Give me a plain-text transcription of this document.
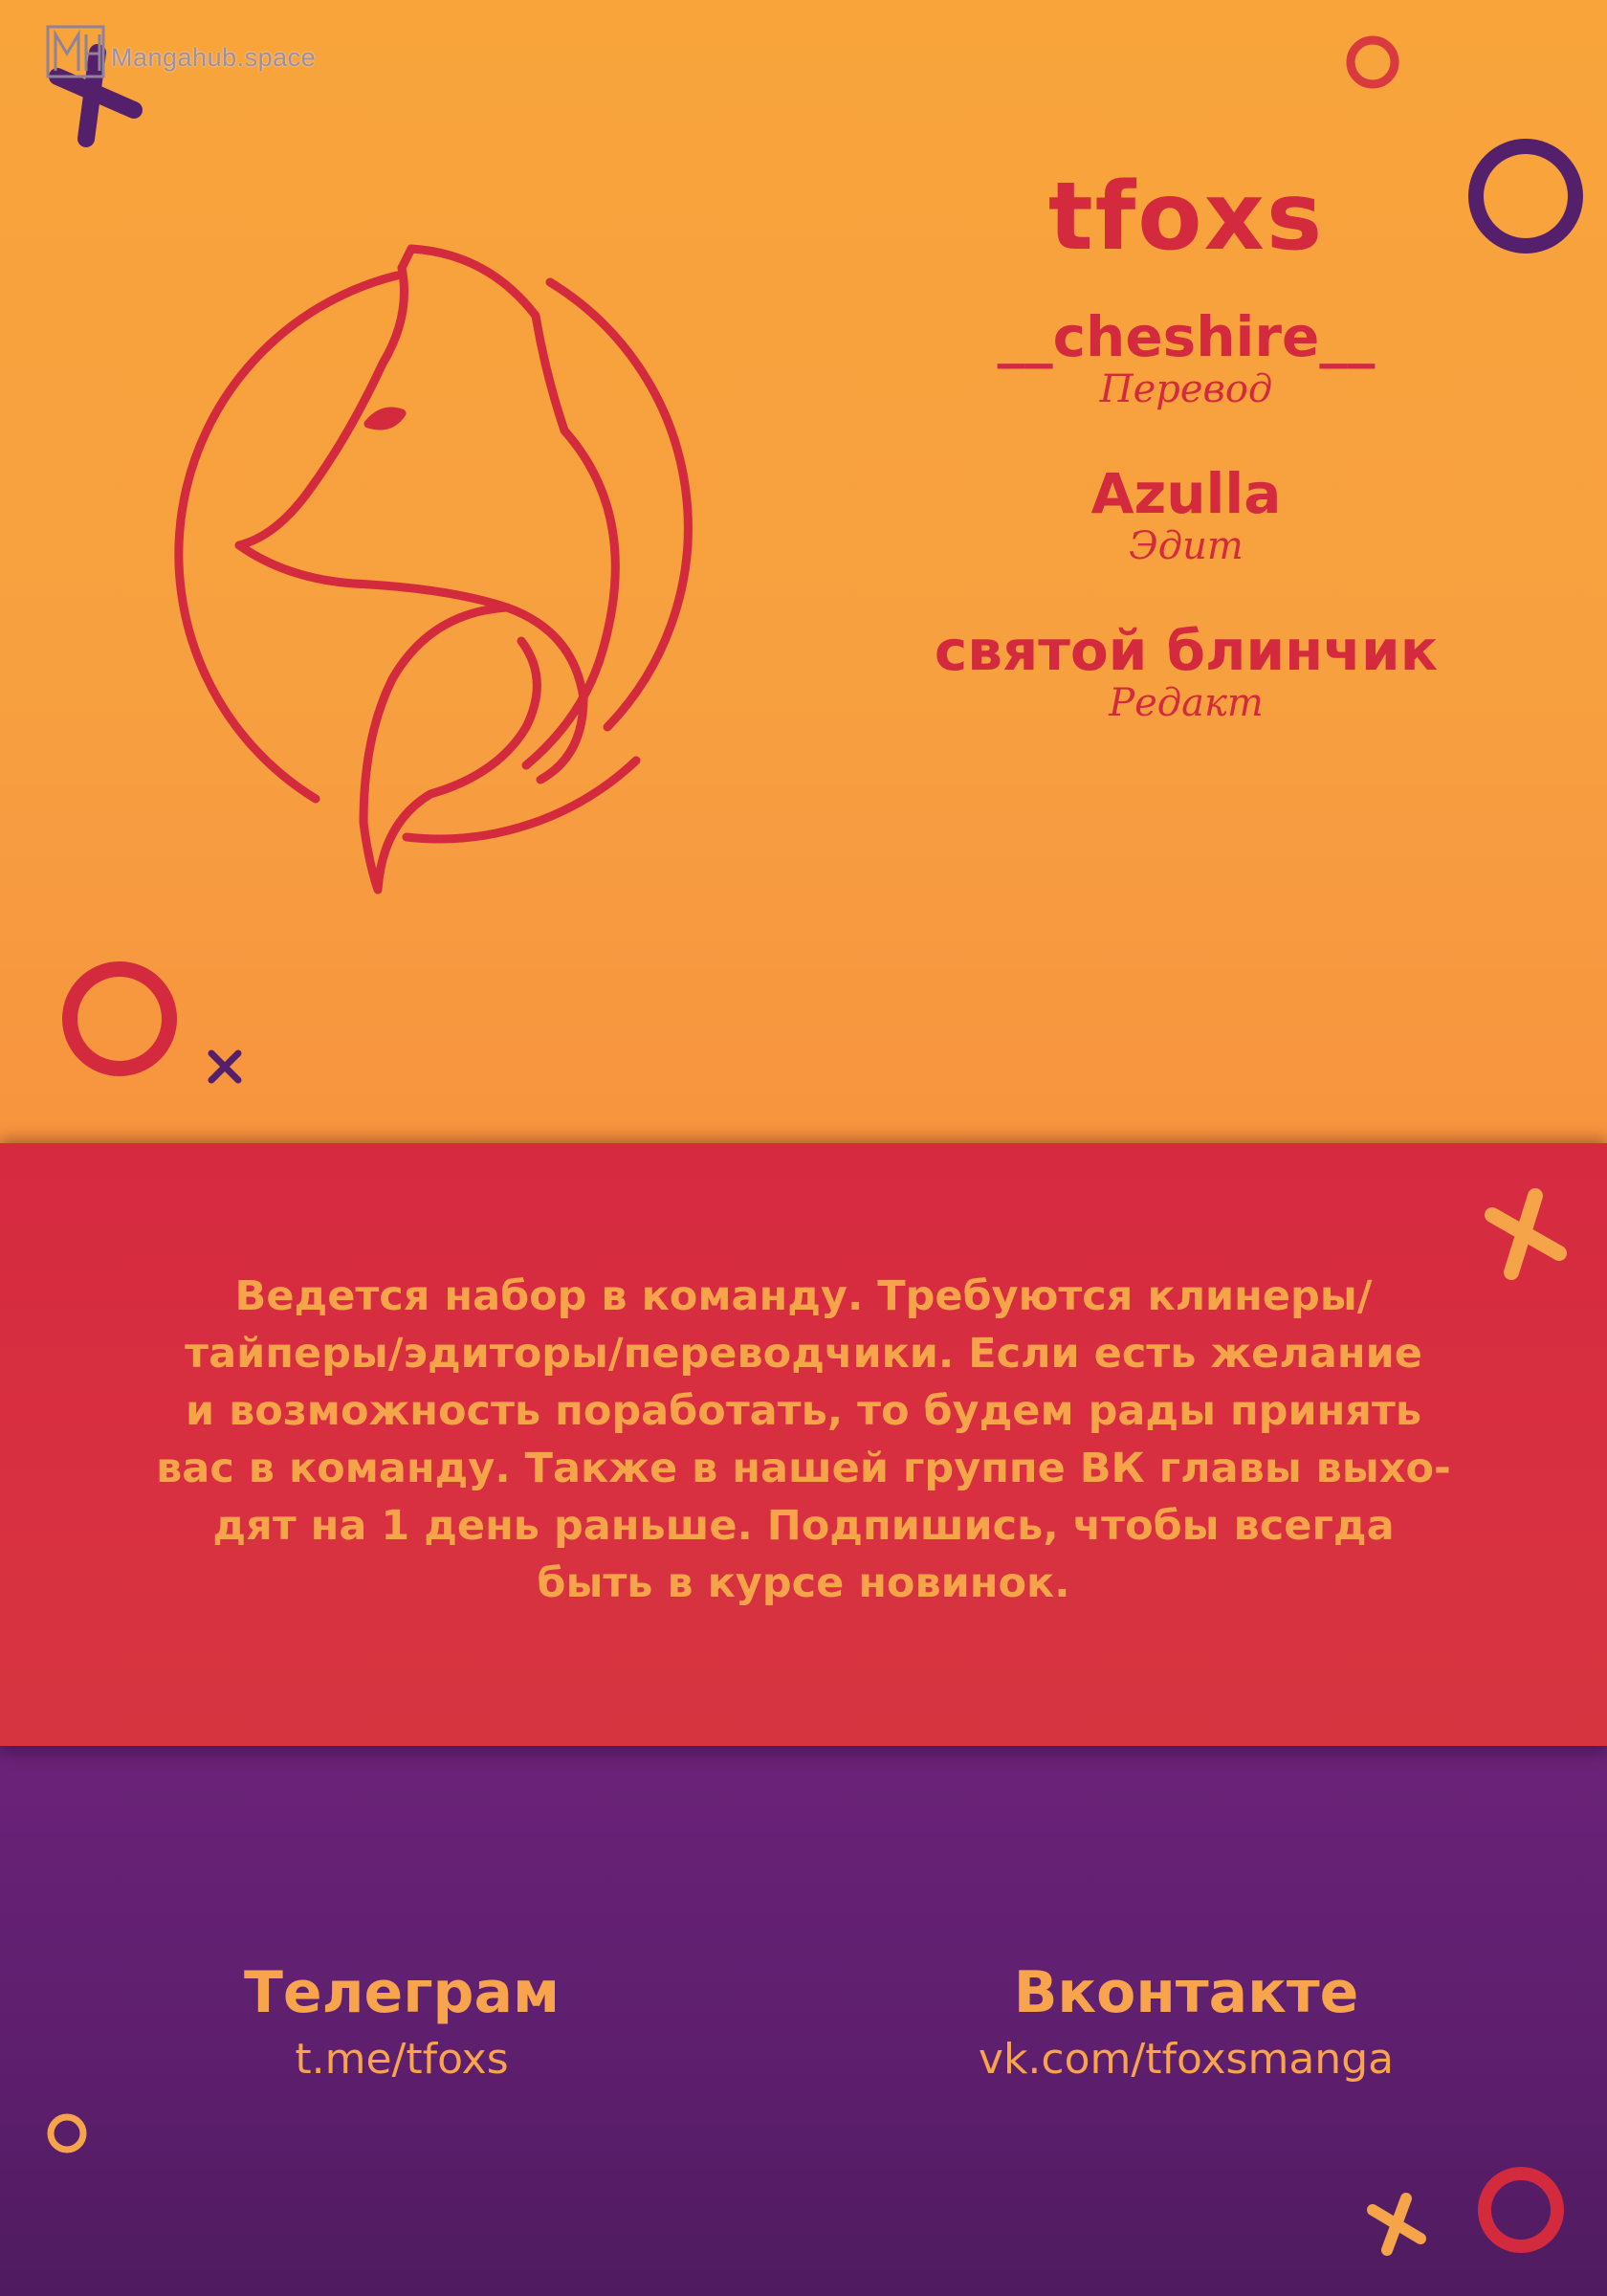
Mangahub.space
tfoxs
__cheshire__
Перевод
Azulla
Эдит
святой блинчик
Редакт
Ведется набор в команду. Требуются клинеры/
тайперы/эдиторы/переводчики. Если есть желание
и возможность поработать, то будем рады принять
вас в команду. Также в нашей группе ВК главы выхо-
дят на 1 день раньше. Подпишись, чтобы всегда
быть в курсе новинок.
Телеграм
t.me/tfoxs
Вконтакте
vk.com/tfoxsmanga
